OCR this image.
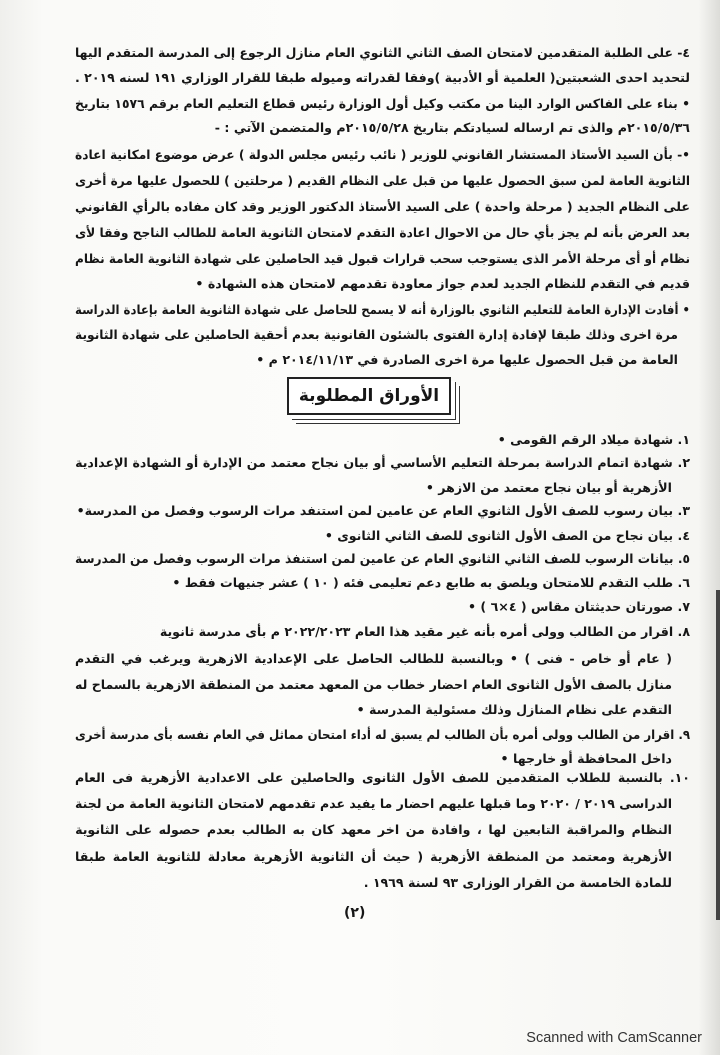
٤- على الطلبة المتقدمين لامتحان الصف الثاني الثانوي العام منازل الرجوع إلى المدرسة المتقدم اليها
لتحديد احدى الشعبتين( العلمية أو الأدبية )وفقا لقدراته وميوله طبقا للقرار الوزاري ١٩١ لسنه ٢٠١٩ .
• بناء على الفاكس الوارد الينا من مكتب وكيل أول الوزارة رئيس قطاع التعليم العام برقم ١٥٧٦ بتاريخ
٢٠١٥/٥/٣٦م والذى تم ارساله لسيادتكم بتاريخ ٢٠١٥/٥/٢٨م والمتضمن الآتي : -
•- بأن السيد الأستاذ المستشار القانوني للوزير ( نائب رئيس مجلس الدولة ) عرض موضوع امكانية اعادة
الثانوية العامة لمن سبق الحصول عليها من قبل على النظام القديم ( مرحلتين ) للحصول عليها مرة أخرى
على النظام الجديد ( مرحلة واحدة ) على السيد الأستاذ الدكتور الوزير وقد كان مفاده بالرأي القانوني
بعد العرض بأنه لم يجز بأي حال من الاحوال اعادة التقدم لامتحان الثانوية العامة للطالب الناجح وفقا لأى
نظام أو أى مرحلة الأمر الذى يستوجب سحب قرارات قبول قيد الحاصلين على شهادة الثانوية العامة نظام
قديم في التقدم للنظام الجديد لعدم جواز معاودة تقدمهم لامتحان هذه الشهادة •
• أفادت الإدارة العامة للتعليم الثانوي بالوزارة أنه لا يسمح للحاصل على شهادة الثانوية العامة بإعادة الدراسة
مرة اخرى وذلك طبقا لإفادة إدارة الفتوى بالشئون القانونية بعدم أحقية الحاصلين على شهادة الثانوية
العامة من قبل الحصول عليها مرة اخرى الصادرة في ٢٠١٤/١١/١٣ م •
الأوراق المطلوبة
١. شهادة ميلاد الرقم القومى •
٢. شهادة اتمام الدراسة بمرحلة التعليم الأساسي أو بيان نجاح معتمد من الإدارة أو الشهادة الإعدادية
الأزهرية أو بيان نجاح معتمد من الازهر •
٣. بيان رسوب للصف الأول الثانوي العام عن عامين لمن استنفد مرات الرسوب وفصل من المدرسة•
٤. بيان نجاح من الصف الأول الثانوى للصف الثاني الثانوى •
٥. بيانات الرسوب للصف الثاني الثانوي العام عن عامين لمن استنفذ مرات الرسوب وفصل من المدرسة
٦. طلب التقدم للامتحان ويلصق به طابع دعم تعليمى فئه ( ١٠ ) عشر جنيهات فقط •
٧. صورتان حديثتان مقاس ( ٤×٦ ) •
٨. اقرار من الطالب وولى أمره بأنه غير مقيد هذا العام ٢٠٢٢/٢٠٢٣ م بأى مدرسة ثانوية
( عام أو خاص - فنى ) • وبالنسبة للطالب الحاصل على الإعدادية الازهرية ويرغب في التقدم
منازل بالصف الأول الثانوى العام احضار خطاب من المعهد معتمد من المنطقة الازهرية بالسماح له
التقدم على نظام المنازل وذلك مسئولية المدرسة •
٩. اقرار من الطالب وولى أمره بأن الطالب لم يسبق له أداء امتحان مماثل في العام نفسه بأى مدرسة أخرى
داخل المحافظة أو خارجها •
١٠. بالنسبة للطلاب المتقدمين للصف الأول الثانوى والحاصلين على الاعدادية الأزهرية فى العام
الدراسى ٢٠١٩ / ٢٠٢٠ وما قبلها عليهم احضار ما يفيد عدم تقدمهم لامتحان الثانوية العامة من لجنة
النظام والمراقبة التابعين لها ، وافادة من اخر معهد كان به الطالب بعدم حصوله على الثانوية
الأزهرية ومعتمد من المنطقة الأزهرية ( حيث أن الثانوية الأزهرية معادلة للثانوية العامة طبقا
للمادة الخامسة من القرار الوزارى ٩٣ لسنة ١٩٦٩ .
(٢)
Scanned with CamScanner
